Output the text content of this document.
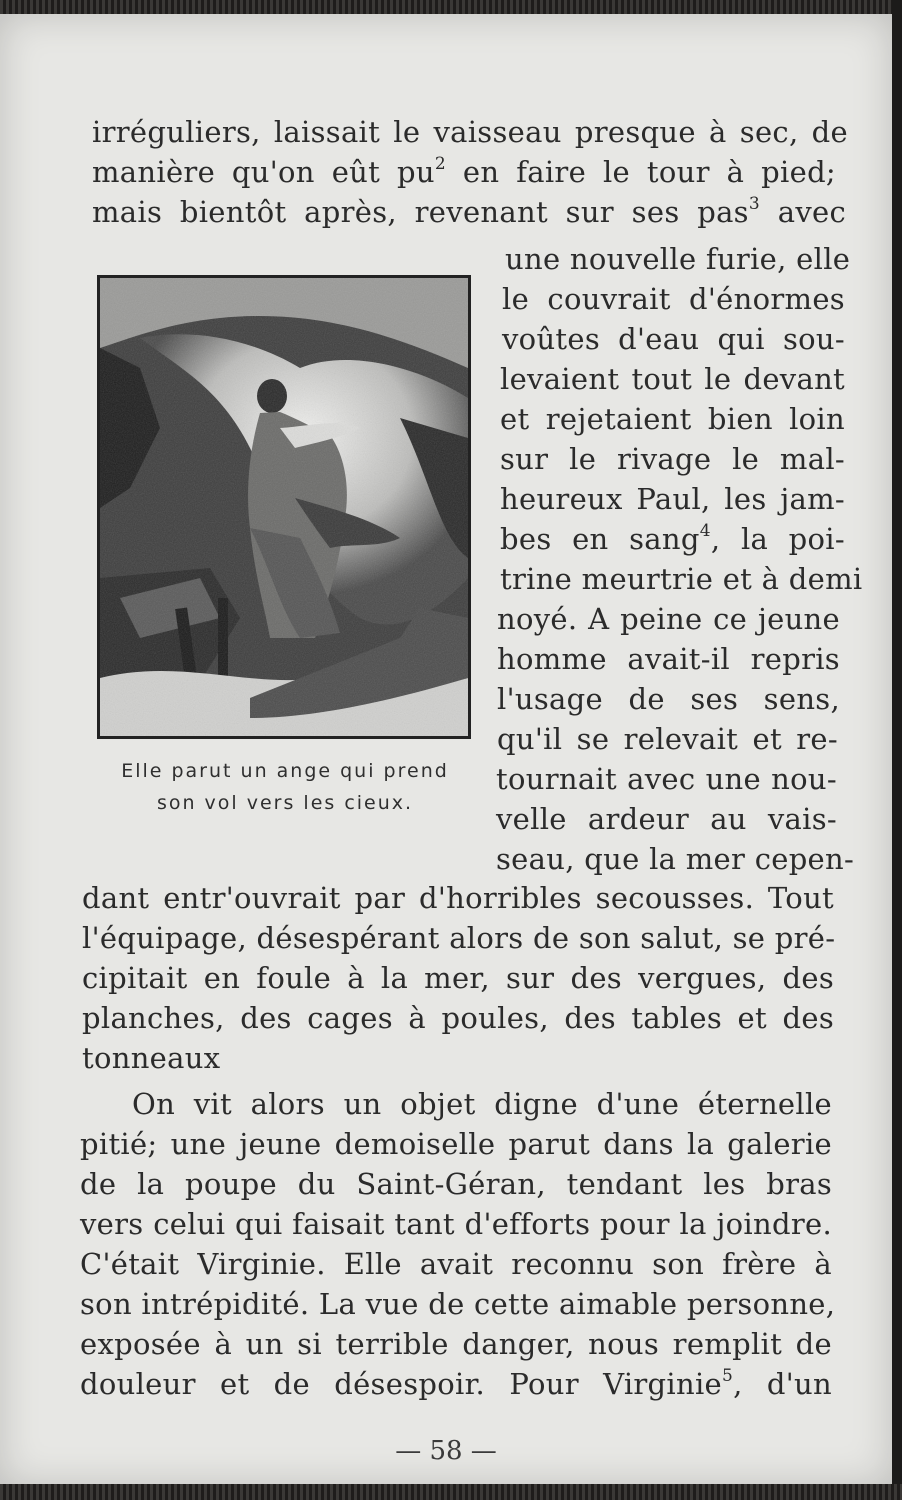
irréguliers, laissait le vaisseau presque à sec, de
manière qu'on eût $pu^2$ en faire le tour à pied;
mais bientôt après, revenant sur ses pas$^3$ avec
une nouvelle furie, elle
le couvrait d'énormes
voûtes d'eau qui sou-
levaient tout le devant
et rejetaient bien loin
sur le rivage le mal-
heureux Paul, les jam-
bes en sang$^4$, la poi-
trine meurtrie et à demi
noyé. A peine ce jeune
homme avait-il repris
l'usage de ses sens,
qu'il se relevait et re-
tournait avec une nou-
velle ardeur au vais-
seau, que la mer cepen-
Elle parut un ange qui prend
son vol vers les cieux.
dant entr'ouvrait par d'horribles secousses. Tout
l'équipage, désespérant alors de son salut, se pré-
cipitait en foule à la mer, sur des vergues, des
planches, des cages à poules, des tables et des
tonneaux
On vit alors un objet digne d'une éternelle
pitié; une jeune demoiselle parut dans la galerie
de la poupe du Saint-Géran, tendant les bras
vers celui qui faisait tant d'efforts pour la joindre.
C'était Virginie. Elle avait reconnu son frère à
son intrépidité. La vue de cette aimable personne,
exposée à un si terrible danger, nous remplit de
douleur et de désespoir. Pour Virginie$^5$, d'un
— 58 —
